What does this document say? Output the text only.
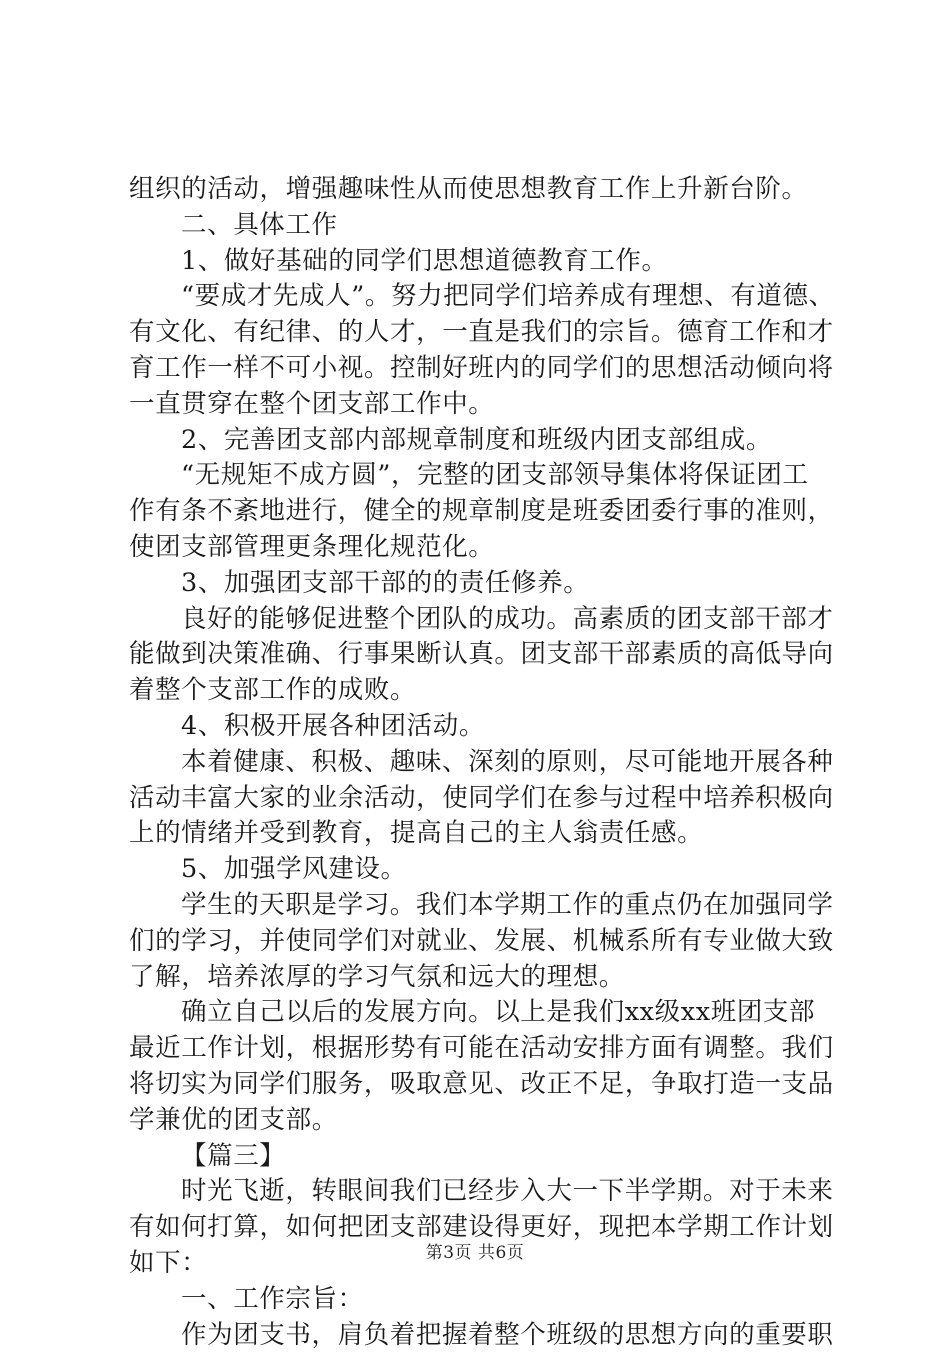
组织的活动，增强趣味性从而使思想教育工作上升新台阶。
二、具体工作
1、做好基础的同学们思想道德教育工作。
“要成才先成人”。努力把同学们培养成有理想、有道德、
有文化、有纪律、的人才，一直是我们的宗旨。德育工作和才
育工作一样不可小视。控制好班内的同学们的思想活动倾向将
一直贯穿在整个团支部工作中。
2、完善团支部内部规章制度和班级内团支部组成。
“无规矩不成方圆”，完整的团支部领导集体将保证团工
作有条不紊地进行，健全的规章制度是班委团委行事的准则，
使团支部管理更条理化规范化。
3、加强团支部干部的的责任修养。
良好的能够促进整个团队的成功。高素质的团支部干部才
能做到决策准确、行事果断认真。团支部干部素质的高低导向
着整个支部工作的成败。
4、积极开展各种团活动。
本着健康、积极、趣味、深刻的原则，尽可能地开展各种
活动丰富大家的业余活动，使同学们在参与过程中培养积极向
上的情绪并受到教育，提高自己的主人翁责任感。
5、加强学风建设。
学生的天职是学习。我们本学期工作的重点仍在加强同学
们的学习，并使同学们对就业、发展、机械系所有专业做大致
了解，培养浓厚的学习气氛和远大的理想。
确立自己以后的发展方向。以上是我们xx级xx班团支部
最近工作计划，根据形势有可能在活动安排方面有调整。我们
将切实为同学们服务，吸取意见、改正不足，争取打造一支品
学兼优的团支部。
【篇三】
时光飞逝，转眼间我们已经步入大一下半学期。对于未来
有如何打算，如何把团支部建设得更好，现把本学期工作计划
如下：
一、工作宗旨：
作为团支书，肩负着把握着整个班级的思想方向的重要职
第3页 共6页
